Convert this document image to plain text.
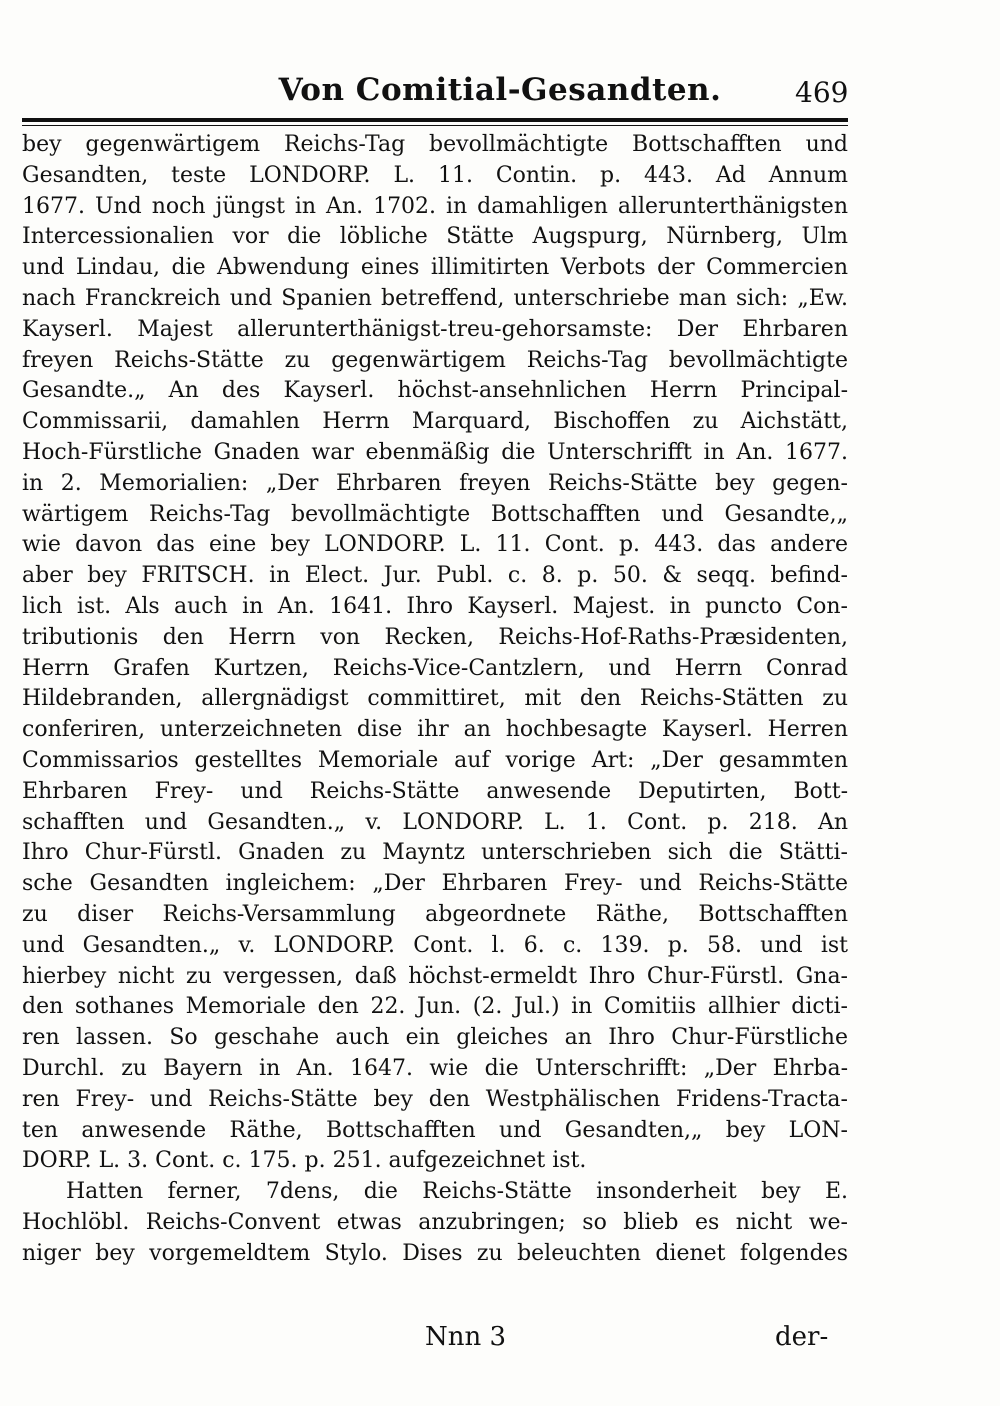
Von Comitial-Gesandten.	469
bey gegenwärtigem Reichs-Tag bevollmächtigte Bottschafften und
Gesandten, teste LONDORP. L. 11. Contin. p. 443. Ad Annum
1677. Und noch jüngst in An. 1702. in damahligen allerunterthänigsten
Intercessionalien vor die löbliche Stätte Augspurg, Nürnberg, Ulm
und Lindau, die Abwendung eines illimitirten Verbots der Commercien
nach Franckreich und Spanien betreffend, unterschriebe man sich: „Ew.
Kayserl. Majest allerunterthänigst-treu-gehorsamste: Der Ehrbaren
freyen Reichs-Stätte zu gegenwärtigem Reichs-Tag bevollmächtigte
Gesandte.„ An des Kayserl. höchst-ansehnlichen Herrn Principal-
Commissarii, damahlen Herrn Marquard, Bischoffen zu Aichstätt,
Hoch-Fürstliche Gnaden war ebenmäßig die Unterschrifft in An. 1677.
in 2. Memorialien: „Der Ehrbaren freyen Reichs-Stätte bey gegen-
wärtigem Reichs-Tag bevollmächtigte Bottschafften und Gesandte,„
wie davon das eine bey LONDORP. L. 11. Cont. p. 443. das andere
aber bey FRITSCH. in Elect. Jur. Publ. c. 8. p. 50. & seqq. befind-
lich ist. Als auch in An. 1641. Ihro Kayserl. Majest. in puncto Con-
tributionis den Herrn von Recken, Reichs-Hof-Raths-Præsidenten,
Herrn Grafen Kurtzen, Reichs-Vice-Cantzlern, und Herrn Conrad
Hildebranden, allergnädigst committiret, mit den Reichs-Stätten zu
conferiren, unterzeichneten dise ihr an hochbesagte Kayserl. Herren
Commissarios gestelltes Memoriale auf vorige Art: „Der gesammten
Ehrbaren Frey- und Reichs-Stätte anwesende Deputirten, Bott-
schafften und Gesandten.„ v. LONDORP. L. 1. Cont. p. 218. An
Ihro Chur-Fürstl. Gnaden zu Mayntz unterschrieben sich die Stätti-
sche Gesandten ingleichem: „Der Ehrbaren Frey- und Reichs-Stätte
zu diser Reichs-Versammlung abgeordnete Räthe, Bottschafften
und Gesandten.„ v. LONDORP. Cont. l. 6. c. 139. p. 58. und ist
hierbey nicht zu vergessen, daß höchst-ermeldt Ihro Chur-Fürstl. Gna-
den sothanes Memoriale den 22. Jun. (2. Jul.) in Comitiis allhier dicti-
ren lassen. So geschahe auch ein gleiches an Ihro Chur-Fürstliche
Durchl. zu Bayern in An. 1647. wie die Unterschrifft: „Der Ehrba-
ren Frey- und Reichs-Stätte bey den Westphälischen Fridens-Tracta-
ten anwesende Räthe, Bottschafften und Gesandten,„ bey LON-
DORP. L. 3. Cont. c. 175. p. 251. aufgezeichnet ist.
Hatten ferner, 7dens, die Reichs-Stätte insonderheit bey E.
Hochlöbl. Reichs-Convent etwas anzubringen; so blieb es nicht we-
niger bey vorgemeldtem Stylo. Dises zu beleuchten dienet folgendes
Nnn 3	der-
